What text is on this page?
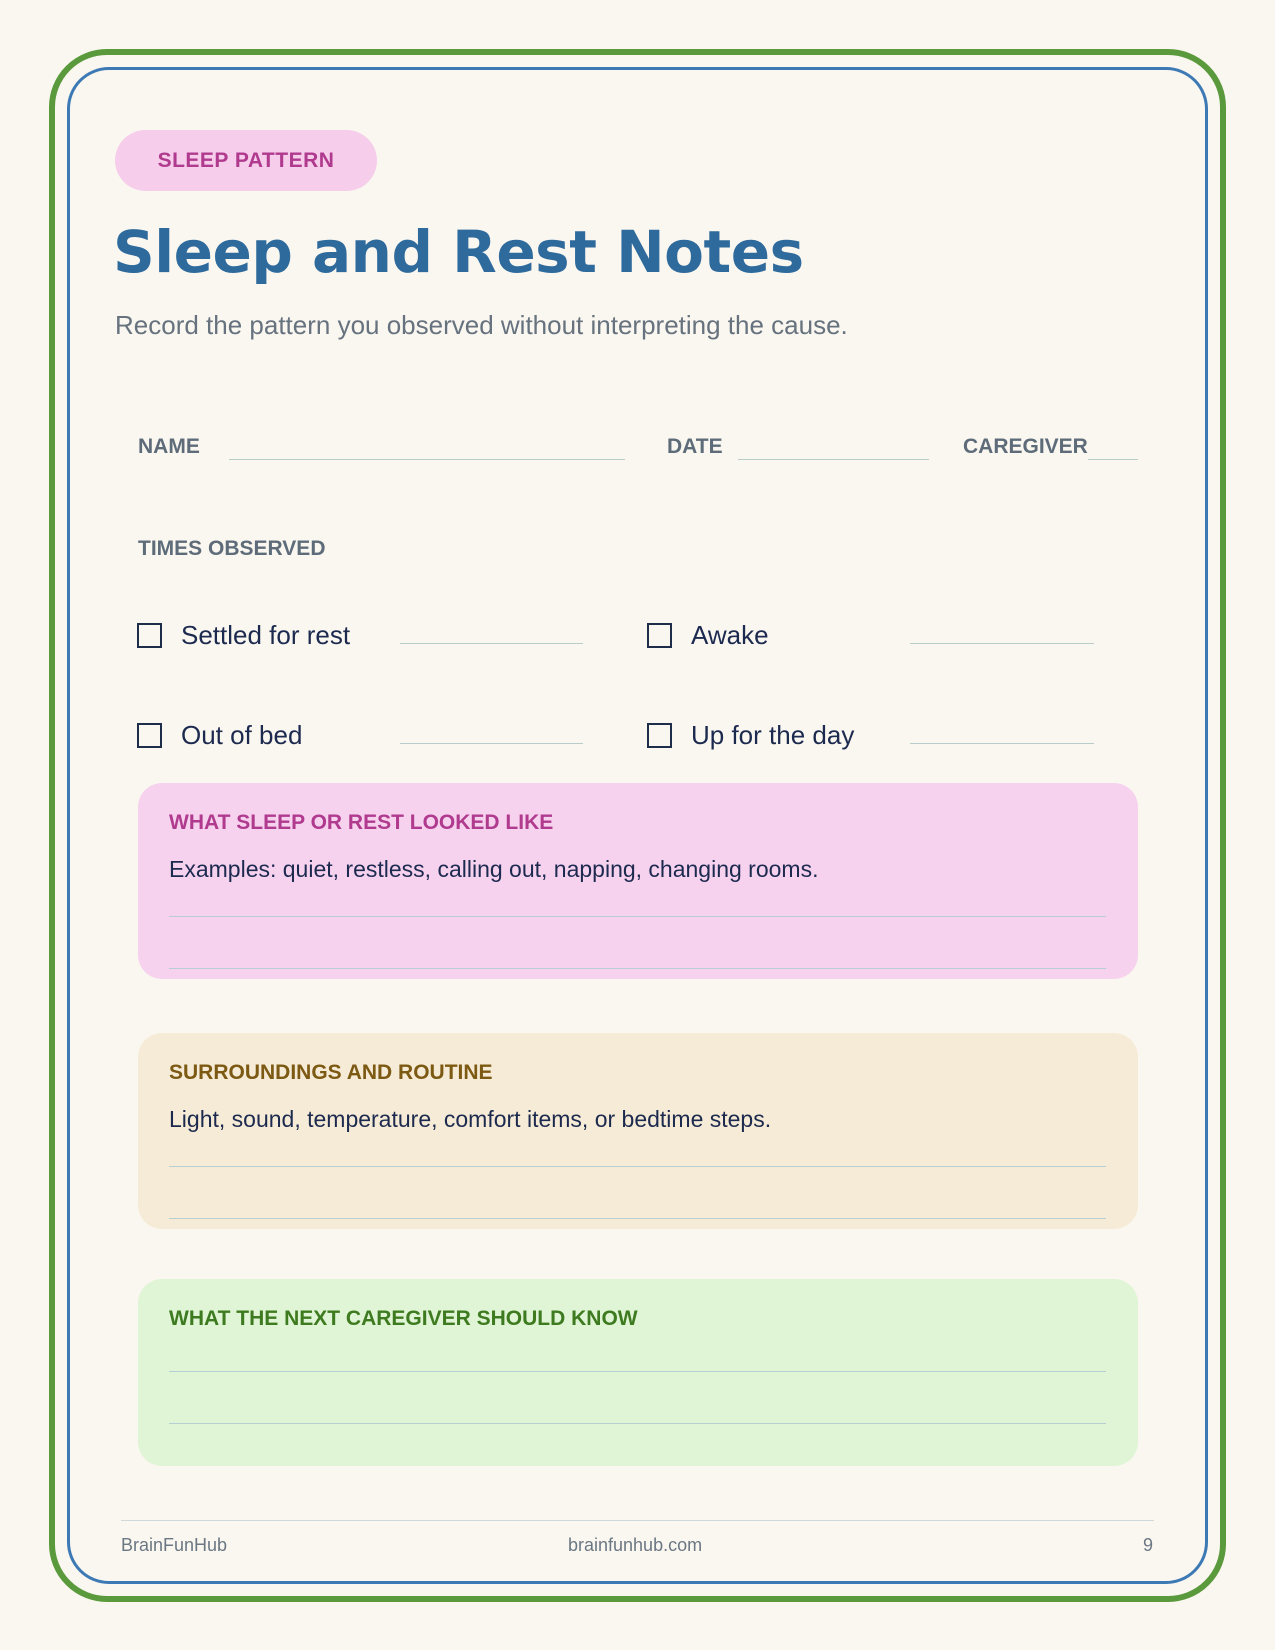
SLEEP PATTERN
Sleep and Rest Notes
Record the pattern you observed without interpreting the cause.
NAME	DATE	CAREGIVER
TIMES OBSERVED
Settled for rest	Awake
Out of bed	Up for the day
WHAT SLEEP OR REST LOOKED LIKE
Examples: quiet, restless, calling out, napping, changing rooms.
SURROUNDINGS AND ROUTINE
Light, sound, temperature, comfort items, or bedtime steps.
WHAT THE NEXT CAREGIVER SHOULD KNOW
BrainFunHub	brainfunhub.com	9
